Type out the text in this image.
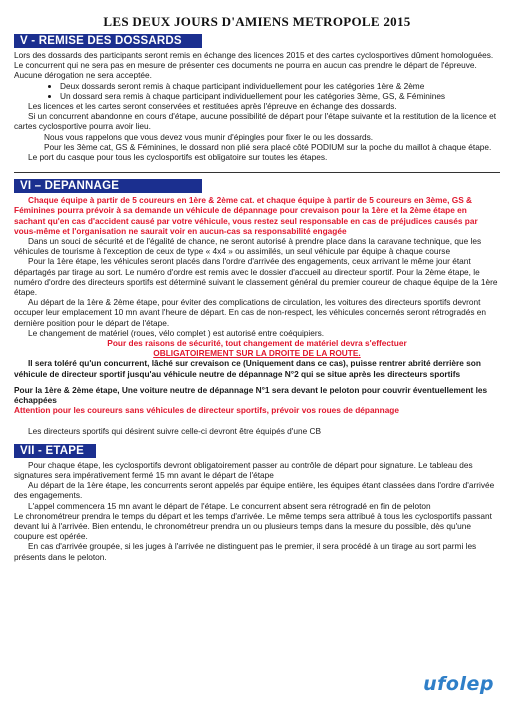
LES DEUX JOURS D'AMIENS METROPOLE 2015
V - REMISE DES DOSSARDS

Lors des dossards des participants seront remis en échange des licences 2015 et des cartes cyclosportives dûment homologuées. Le concurrent qui ne sera pas en mesure de présenter ces documents ne pourra en aucun cas prendre le départ de l'épreuve. Aucune dérogation ne sera acceptée.

• Deux dossards seront remis à chaque participant individuellement pour les catégories 1ère & 2ème
• Un dossard sera remis à chaque participant individuellement pour les catégories 3ème, GS, & Féminines

Les licences et les cartes seront conservées et restituées après l'épreuve en échange des dossards.

Si un concurrent abandonne en cours d'étape, aucune possibilité de départ pour l'étape suivante et la restitution de la licence et cartes cyclosportive pourra avoir lieu.

Nous vous rappelons que vous devez vous munir d'épingles pour fixer le ou les dossards.

Pour les 3ème cat, GS & Féminines, le dossard non plié sera placé côté PODIUM sur la poche du maillot à chaque étape.

Le port du casque pour tous les cyclosportifs est obligatoire sur toutes les étapes.

VI – DEPANNAGE

Chaque équipe à partir de 5 coureurs en 1ère & 2ème cat. et chaque équipe à partir de 5 coureurs en 3ème, GS & Féminines pourra prévoir à sa demande un véhicule de dépannage pour crevaison pour la 1ère et la 2ème étape en sachant qu'en cas d'accident causé par votre véhicule, vous restez seul responsable en cas de préjudices causés par vous-même et l'organisation ne saurait voir en aucun-cas sa responsabilité engagée

Dans un souci de sécurité et de l'égalité de chance, ne seront autorisé à prendre place dans la caravane technique, que les véhicules de tourisme à l'exception de ceux de type « 4x4 » ou assimilés, un seul véhicule par équipe à chaque course

Pour la 1ère étape, les véhicules seront placés dans l'ordre d'arrivée des engagements, ceux arrivant le même jour étant départagés par tirage au sort. Le numéro d'ordre est remis avec le dossier d'accueil au directeur sportif. Pour la 2ème étape, le numéro d'ordre des directeurs sportifs est déterminé suivant le classement général du premier coureur de chaque équipe de la 1ère étape.

Au départ de la 1ère & 2ème étape, pour éviter des complications de circulation, les voitures des directeurs sportifs devront occuper leur emplacement 10 mn avant l'heure de départ. En cas de non-respect, les véhicules concernés seront rétrogradés en dernière position pour le départ de l'étape.

Le changement de matériel (roues, vélo complet ) est autorisé entre coéquipiers.

Pour des raisons de sécurité, tout changement de matériel devra s'effectuer

OBLIGATOIREMENT SUR LA DROITE DE LA ROUTE.

Il sera toléré qu'un concurrent, lâché sur crevaison ce (Uniquement dans ce cas), puisse rentrer abrité derrière son véhicule de directeur sportif jusqu'au véhicule neutre de dépannage N°2 qui se situe après les directeurs sportifs

Pour la 1ère & 2ème étape, Une voiture neutre de dépannage N°1 sera devant le peloton pour couvrir éventuellement les échappées

Attention pour les coureurs sans véhicules de directeur sportifs, prévoir vos roues de dépannage

Les directeurs sportifs qui désirent suivre celle-ci devront être équipés d'une CB

VII - ETAPE

Pour chaque étape, les cyclosportifs devront obligatoirement passer au contrôle de départ pour signature. Le tableau des signatures sera impérativement fermé 15 mn avant le départ de l'étape

Au départ de la 1ère étape, les concurrents seront appelés par équipe entière, les équipes étant classées dans l'ordre d'arrivée des engagements.

L'appel commencera 15 mn avant le départ de l'étape. Le concurrent absent sera rétrogradé en fin de peloton

Le chronométreur prendra le temps du départ et les temps d'arrivée. Le même temps sera attribué à tous les cyclosportifs passant devant lui à l'arrivée. Bien entendu, le chronométreur prendra un ou plusieurs temps dans la mesure du possible, dès qu'une coupure est opérée.

En cas d'arrivée groupée, si les juges à l'arrivée ne distinguent pas le premier, il sera procédé à un tirage au sort parmi les présents dans le peloton.

ufolep
